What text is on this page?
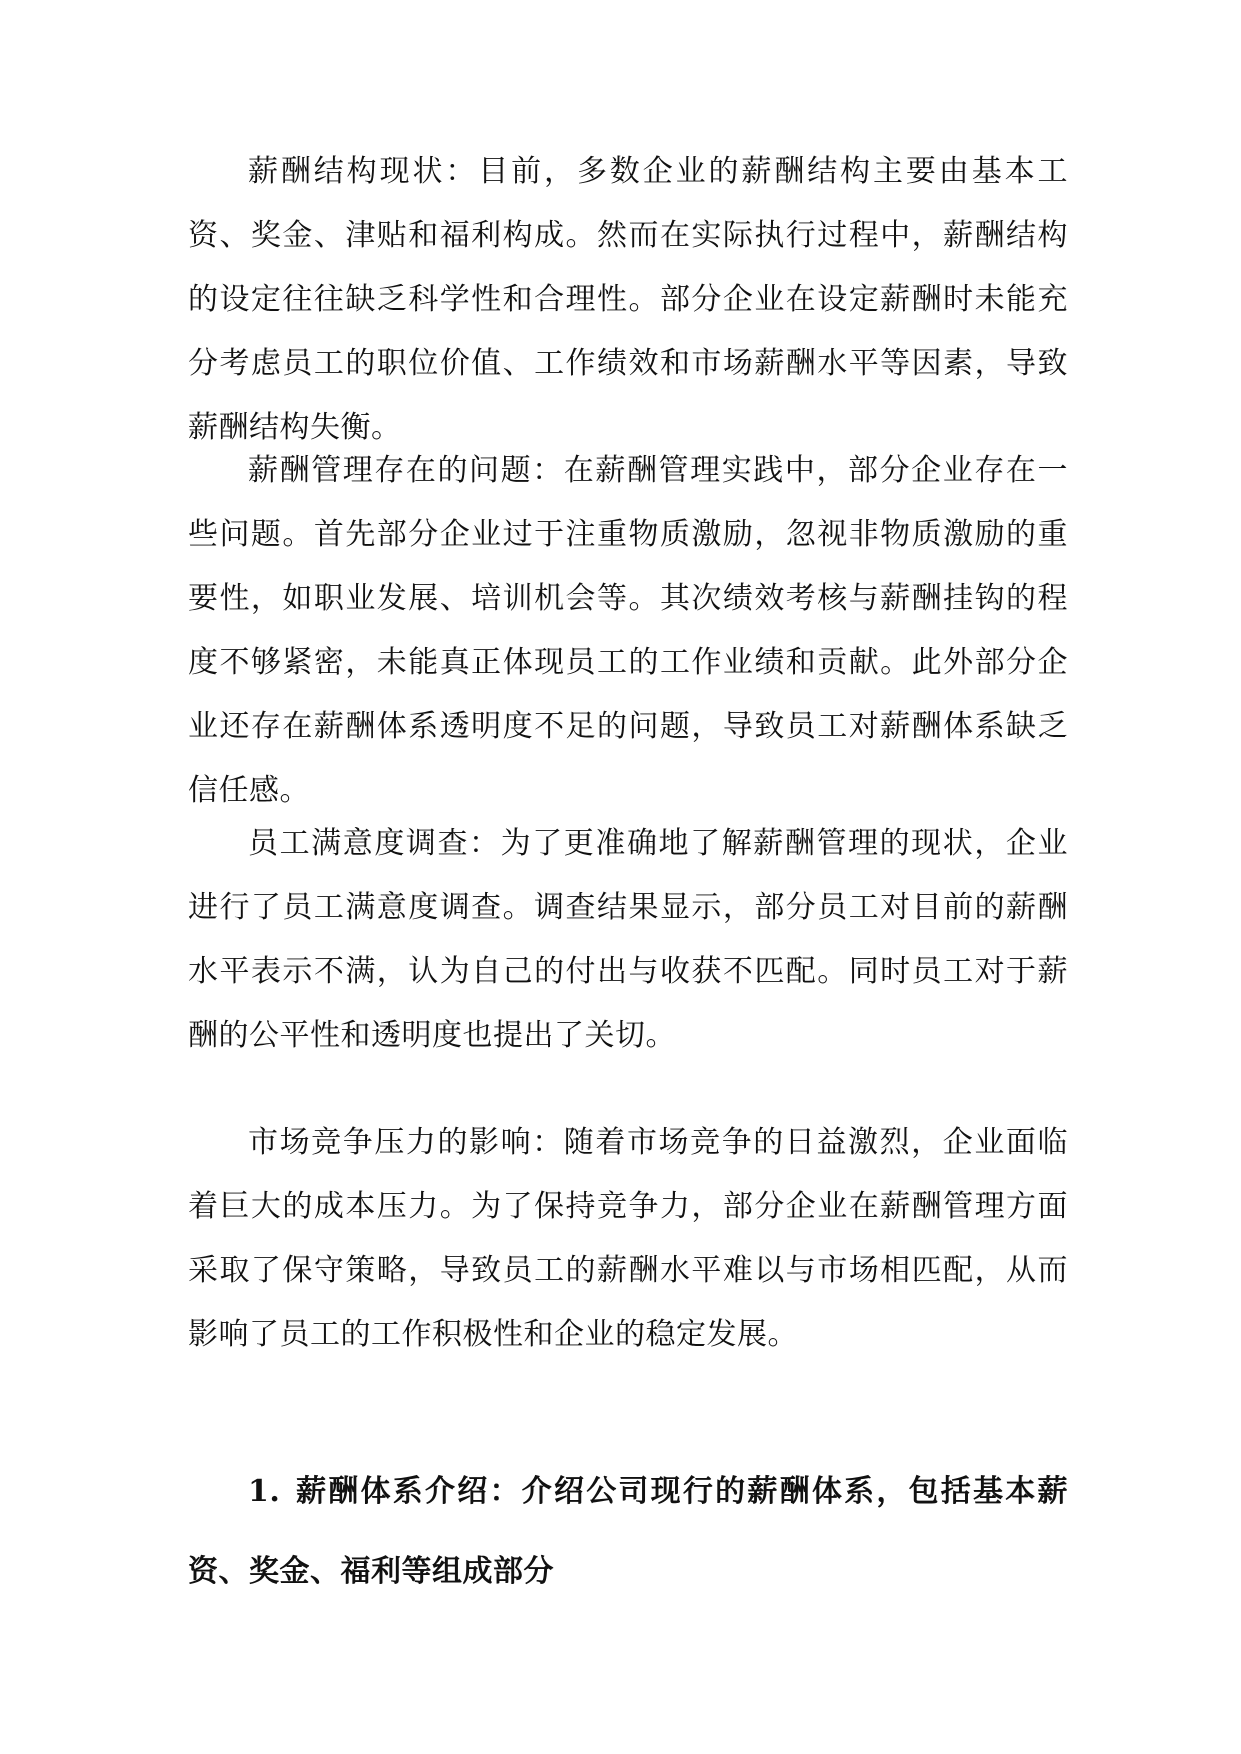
薪酬结构现状：目前，多数企业的薪酬结构主要由基本工资、奖金、津贴和福利构成。然而在实际执行过程中，薪酬结构的设定往往缺乏科学性和合理性。部分企业在设定薪酬时未能充分考虑员工的职位价值、工作绩效和市场薪酬水平等因素，导致薪酬结构失衡。

薪酬管理存在的问题：在薪酬管理实践中，部分企业存在一些问题。首先部分企业过于注重物质激励，忽视非物质激励的重要性，如职业发展、培训机会等。其次绩效考核与薪酬挂钩的程度不够紧密，未能真正体现员工的工作业绩和贡献。此外部分企业还存在薪酬体系透明度不足的问题，导致员工对薪酬体系缺乏信任感。

员工满意度调查：为了更准确地了解薪酬管理的现状，企业进行了员工满意度调查。调查结果显示，部分员工对目前的薪酬水平表示不满，认为自己的付出与收获不匹配。同时员工对于薪酬的公平性和透明度也提出了关切。

市场竞争压力的影响：随着市场竞争的日益激烈，企业面临着巨大的成本压力。为了保持竞争力，部分企业在薪酬管理方面采取了保守策略，导致员工的薪酬水平难以与市场相匹配，从而影响了员工的工作积极性和企业的稳定发展。

1. 薪酬体系介绍：介绍公司现行的薪酬体系，包括基本薪资、奖金、福利等组成部分
